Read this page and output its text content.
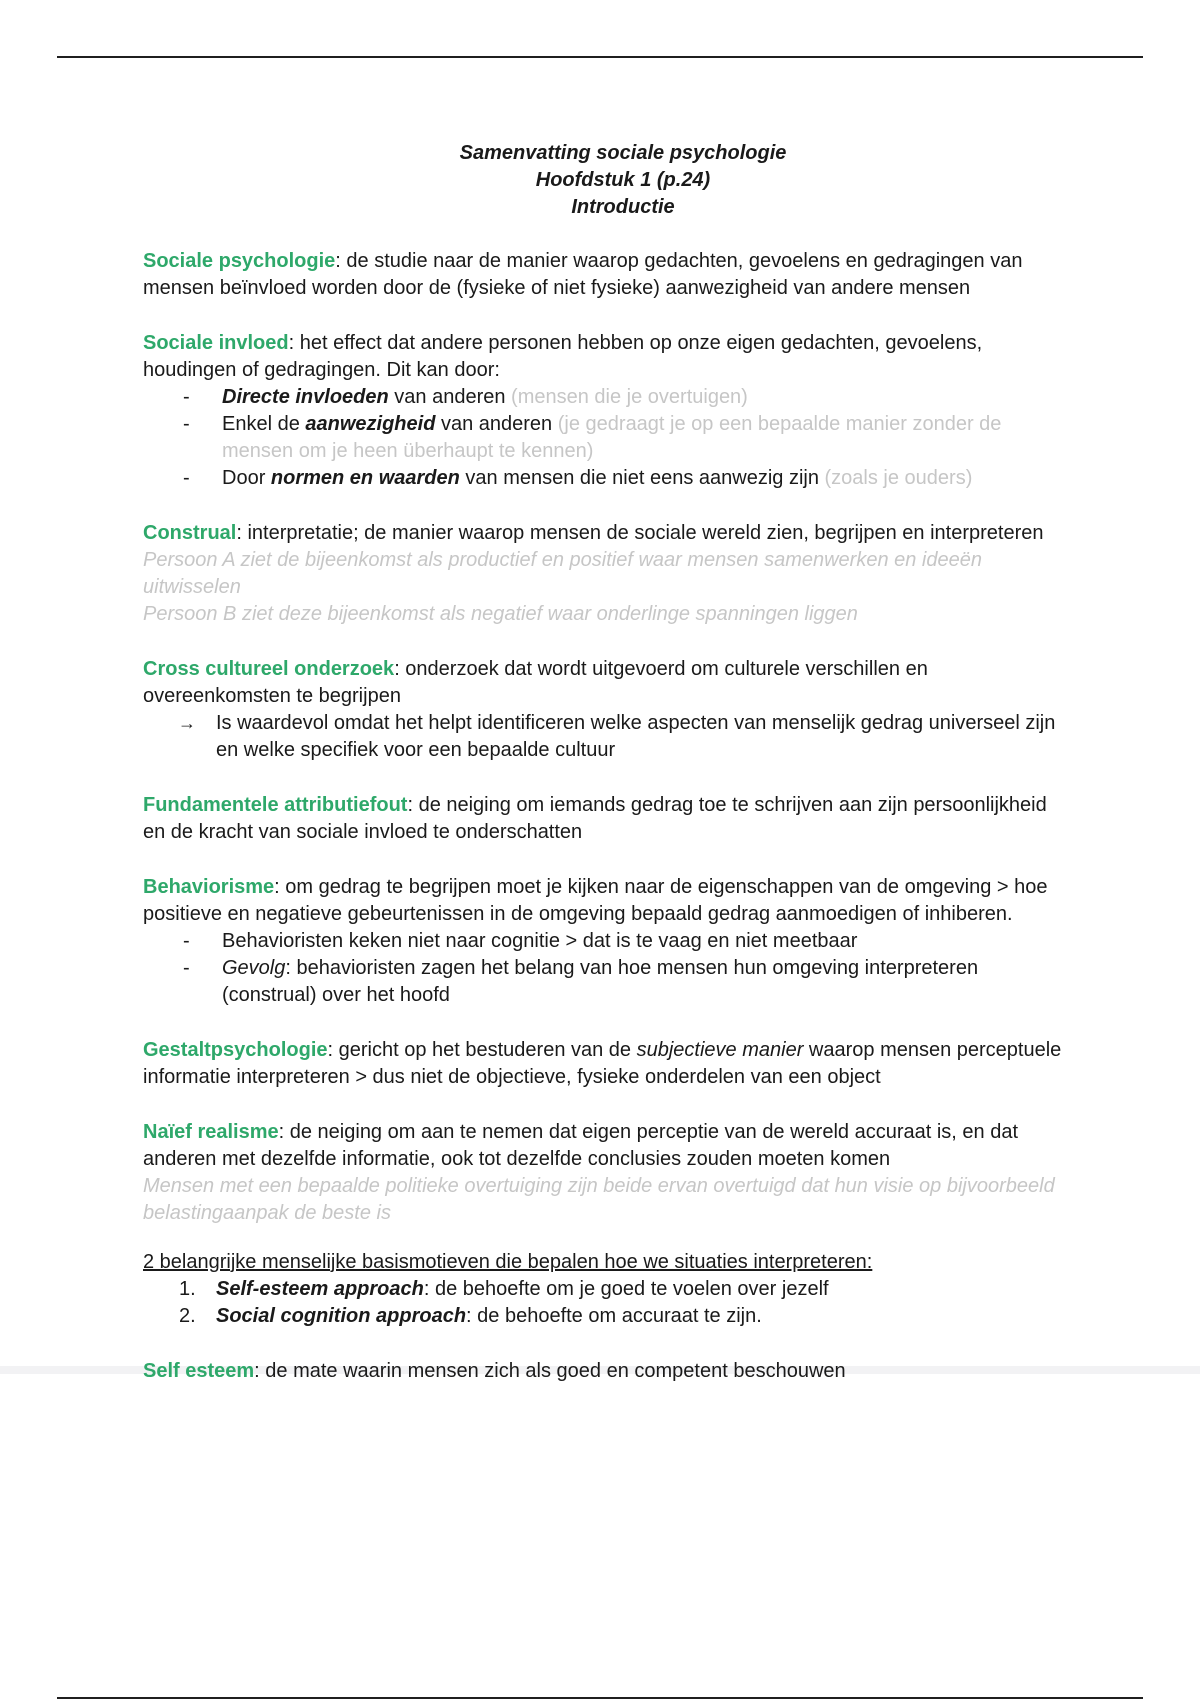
Samenvatting sociale psychologie
Hoofdstuk 1 (p.24)
Introductie
Sociale psychologie: de studie naar de manier waarop gedachten, gevoelens en gedragingen van mensen beïnvloed worden door de (fysieke of niet fysieke) aanwezigheid van andere mensen
Sociale invloed: het effect dat andere personen hebben op onze eigen gedachten, gevoelens, houdingen of gedragingen. Dit kan door:
- Directe invloeden van anderen (mensen die je overtuigen)
- Enkel de aanwezigheid van anderen (je gedraagt je op een bepaalde manier zonder de mensen om je heen überhaupt te kennen)
- Door normen en waarden van mensen die niet eens aanwezig zijn (zoals je ouders)
Construal: interpretatie; de manier waarop mensen de sociale wereld zien, begrijpen en interpreteren
Persoon A ziet de bijeenkomst als productief en positief waar mensen samenwerken en ideeën uitwisselen
Persoon B ziet deze bijeenkomst als negatief waar onderlinge spanningen liggen
Cross cultureel onderzoek: onderzoek dat wordt uitgevoerd om culturele verschillen en overeenkomsten te begrijpen
→ Is waardevol omdat het helpt identificeren welke aspecten van menselijk gedrag universeel zijn en welke specifiek voor een bepaalde cultuur
Fundamentele attributiefout: de neiging om iemands gedrag toe te schrijven aan zijn persoonlijkheid en de kracht van sociale invloed te onderschatten
Behaviorisme: om gedrag te begrijpen moet je kijken naar de eigenschappen van de omgeving > hoe positieve en negatieve gebeurtenissen in de omgeving bepaald gedrag aanmoedigen of inhiberen.
- Behavioristen keken niet naar cognitie > dat is te vaag en niet meetbaar
- Gevolg: behavioristen zagen het belang van hoe mensen hun omgeving interpreteren (construal) over het hoofd
Gestaltpsychologie: gericht op het bestuderen van de subjectieve manier waarop mensen perceptuele informatie interpreteren > dus niet de objectieve, fysieke onderdelen van een object
Naïef realisme: de neiging om aan te nemen dat eigen perceptie van de wereld accuraat is, en dat anderen met dezelfde informatie, ook tot dezelfde conclusies zouden moeten komen
Mensen met een bepaalde politieke overtuiging zijn beide ervan overtuigd dat hun visie op bijvoorbeeld belastingaanpak de beste is
2 belangrijke menselijke basismotieven die bepalen hoe we situaties interpreteren:
1. Self-esteem approach: de behoefte om je goed te voelen over jezelf
2. Social cognition approach: de behoefte om accuraat te zijn.
Self esteem: de mate waarin mensen zich als goed en competent beschouwen
